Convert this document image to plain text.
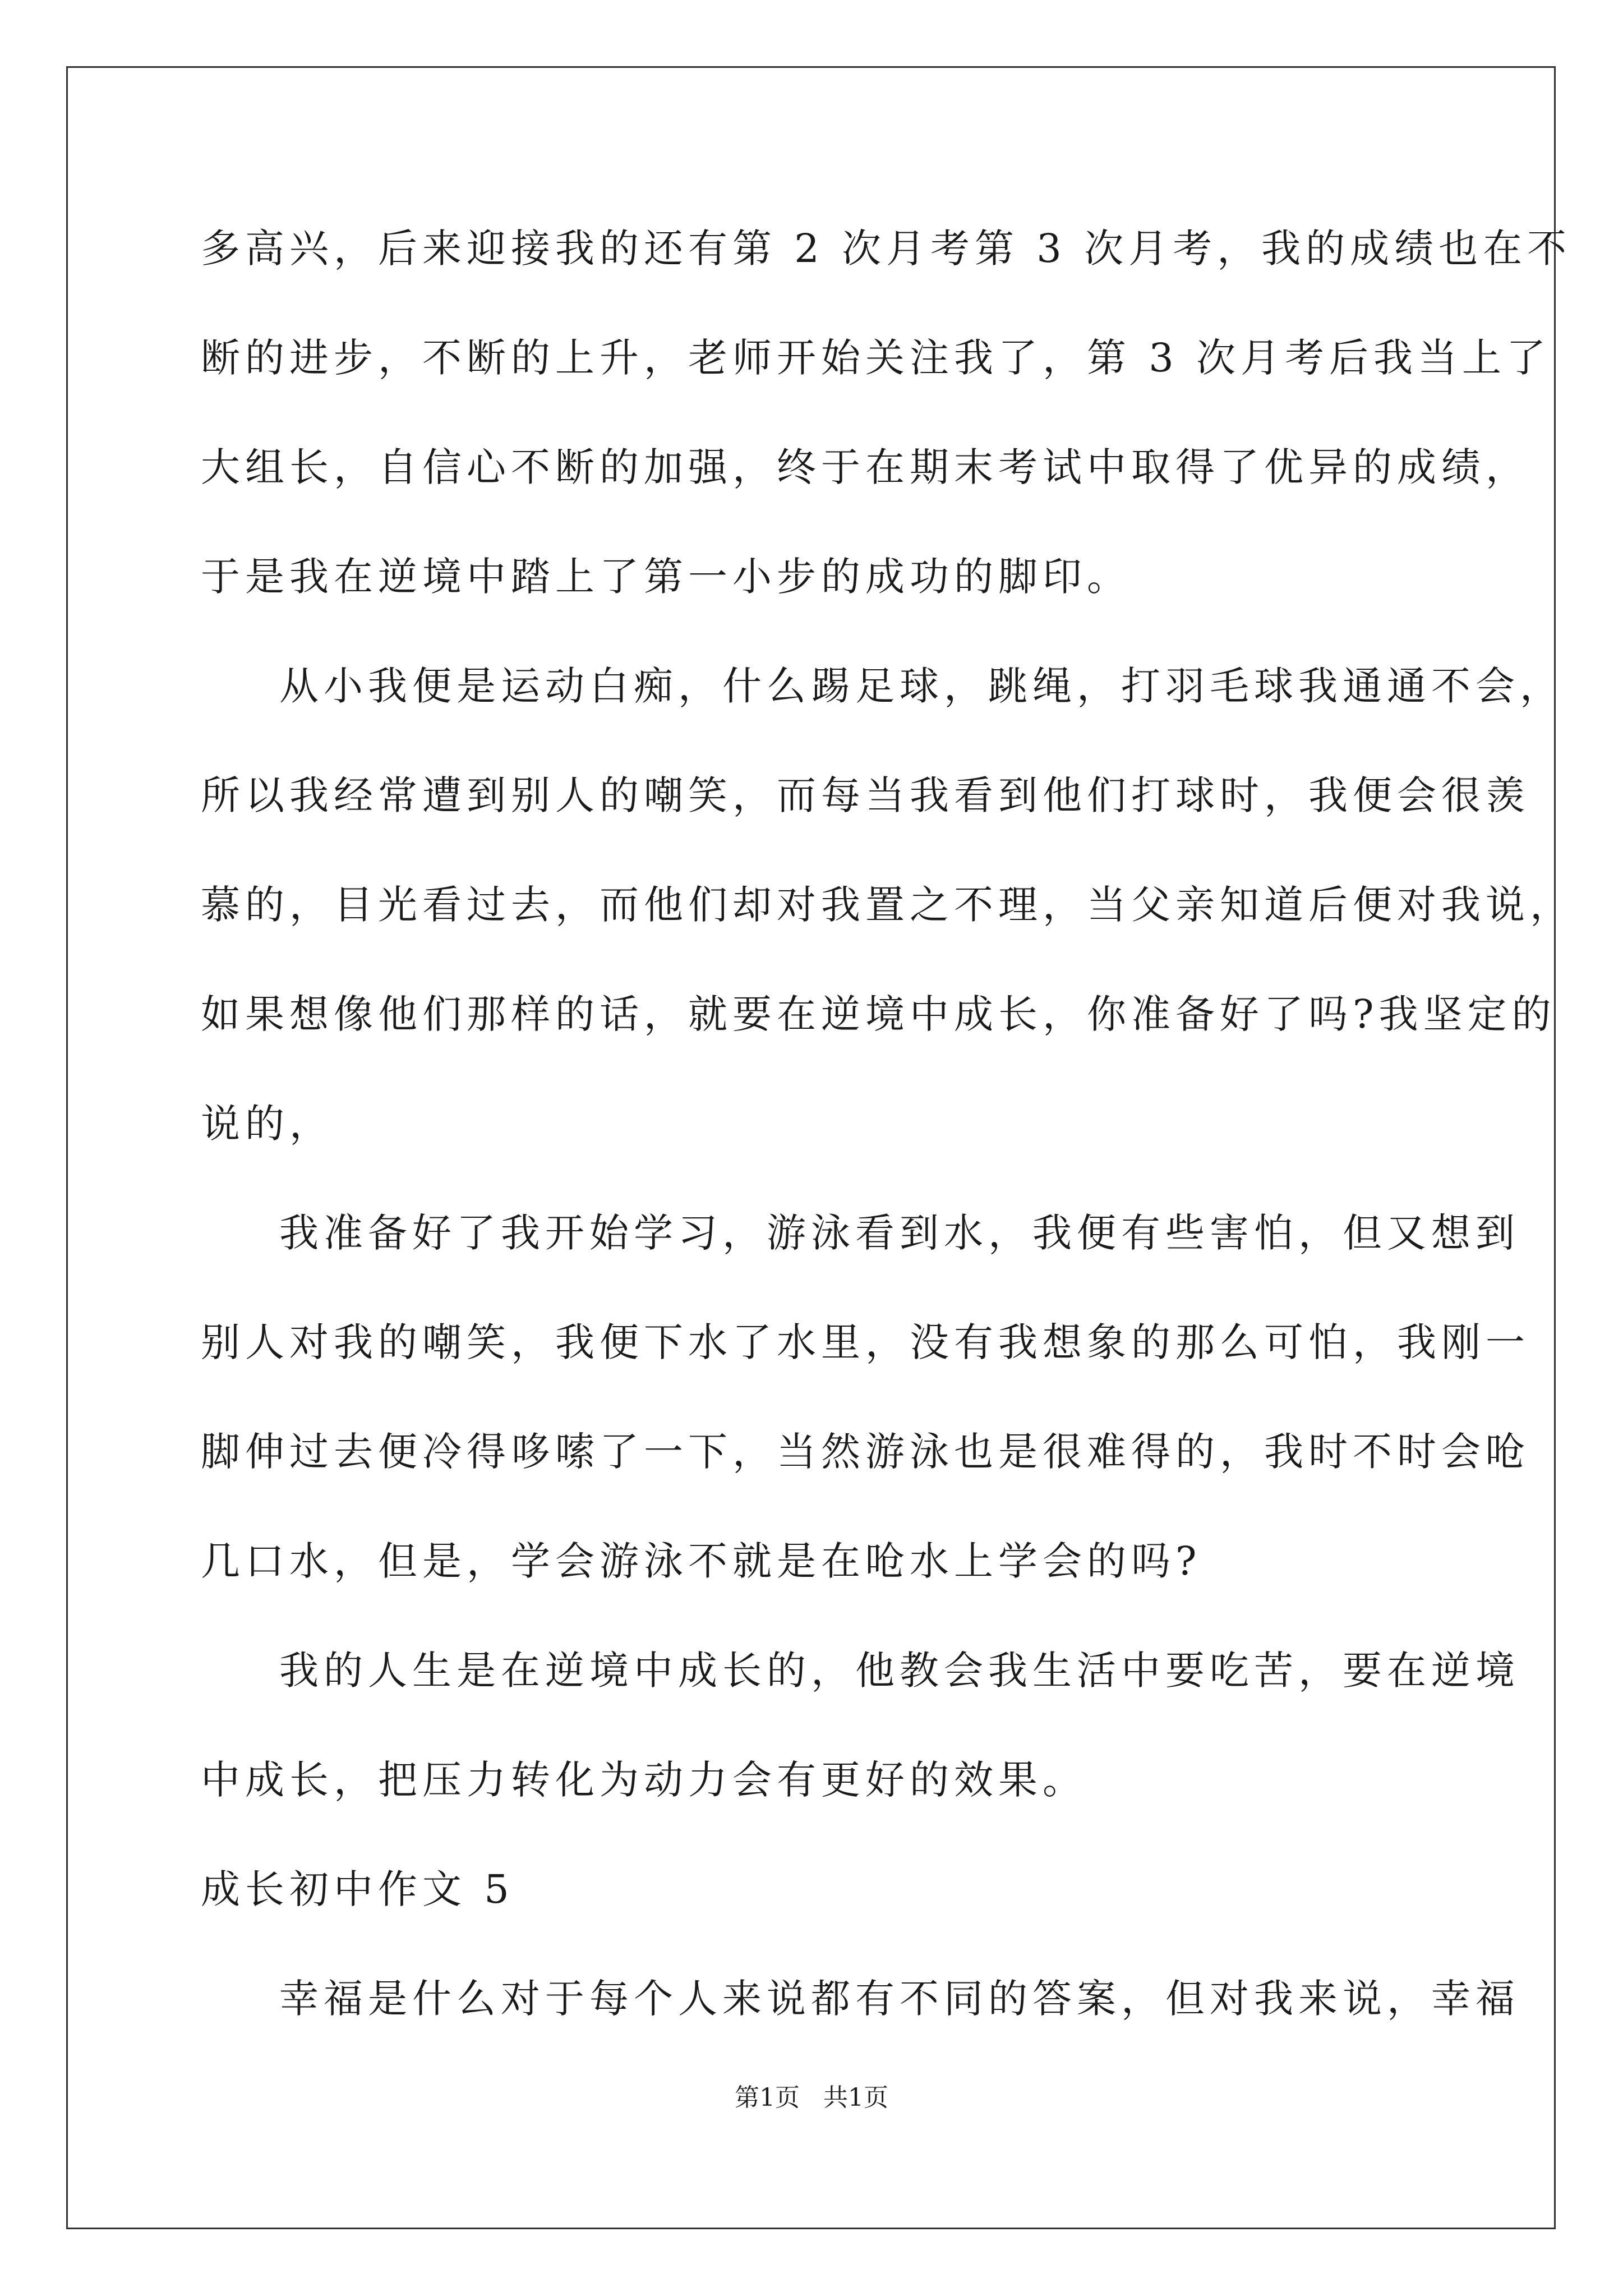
多高兴，后来迎接我的还有第 2 次月考第 3 次月考，我的成绩也在不

断的进步，不断的上升，老师开始关注我了，第 3 次月考后我当上了

大组长，自信心不断的加强，终于在期末考试中取得了优异的成绩，

于是我在逆境中踏上了第一小步的成功的脚印。

从小我便是运动白痴，什么踢足球，跳绳，打羽毛球我通通不会，

所以我经常遭到别人的嘲笑，而每当我看到他们打球时，我便会很羡

慕的，目光看过去，而他们却对我置之不理，当父亲知道后便对我说，

如果想像他们那样的话，就要在逆境中成长，你准备好了吗?我坚定的

说的，

我准备好了我开始学习，游泳看到水，我便有些害怕，但又想到

别人对我的嘲笑，我便下水了水里，没有我想象的那么可怕，我刚一

脚伸过去便冷得哆嗦了一下，当然游泳也是很难得的，我时不时会呛

几口水，但是，学会游泳不就是在呛水上学会的吗?

我的人生是在逆境中成长的，他教会我生活中要吃苦，要在逆境

中成长，把压力转化为动力会有更好的效果。

成长初中作文 5

幸福是什么对于每个人来说都有不同的答案，但对我来说，幸福

第1页   共1页
